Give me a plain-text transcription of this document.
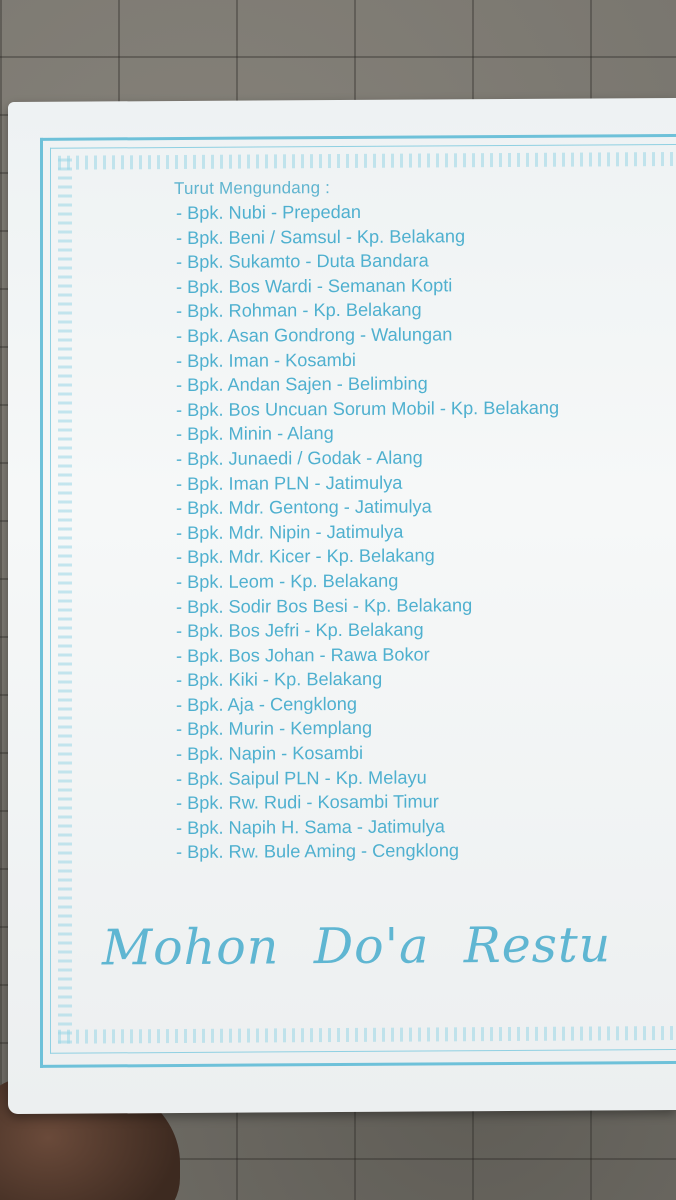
Turut Mengundang :

- Bpk. Nubi - Prepedan
- Bpk. Beni / Samsul - Kp. Belakang
- Bpk. Sukamto - Duta Bandara
- Bpk. Bos Wardi - Semanan Kopti
- Bpk. Rohman - Kp. Belakang
- Bpk. Asan Gondrong - Walungan
- Bpk. Iman - Kosambi
- Bpk. Andan Sajen - Belimbing
- Bpk. Bos Uncuan Sorum Mobil - Kp. Belakang
- Bpk. Minin - Alang
- Bpk. Junaedi / Godak - Alang
- Bpk. Iman PLN - Jatimulya
- Bpk. Mdr. Gentong - Jatimulya
- Bpk. Mdr. Nipin - Jatimulya
- Bpk. Mdr. Kicer - Kp. Belakang
- Bpk. Leom - Kp. Belakang
- Bpk. Sodir Bos Besi - Kp. Belakang
- Bpk. Bos Jefri - Kp. Belakang
- Bpk. Bos Johan - Rawa Bokor
- Bpk. Kiki - Kp. Belakang
- Bpk. Aja - Cengklong
- Bpk. Murin - Kemplang
- Bpk. Napin - Kosambi
- Bpk. Saipul PLN - Kp. Melayu
- Bpk. Rw. Rudi - Kosambi Timur
- Bpk. Napih H. Sama - Jatimulya
- Bpk. Rw. Bule Aming - Cengklong

Mohon Do'a Restu
